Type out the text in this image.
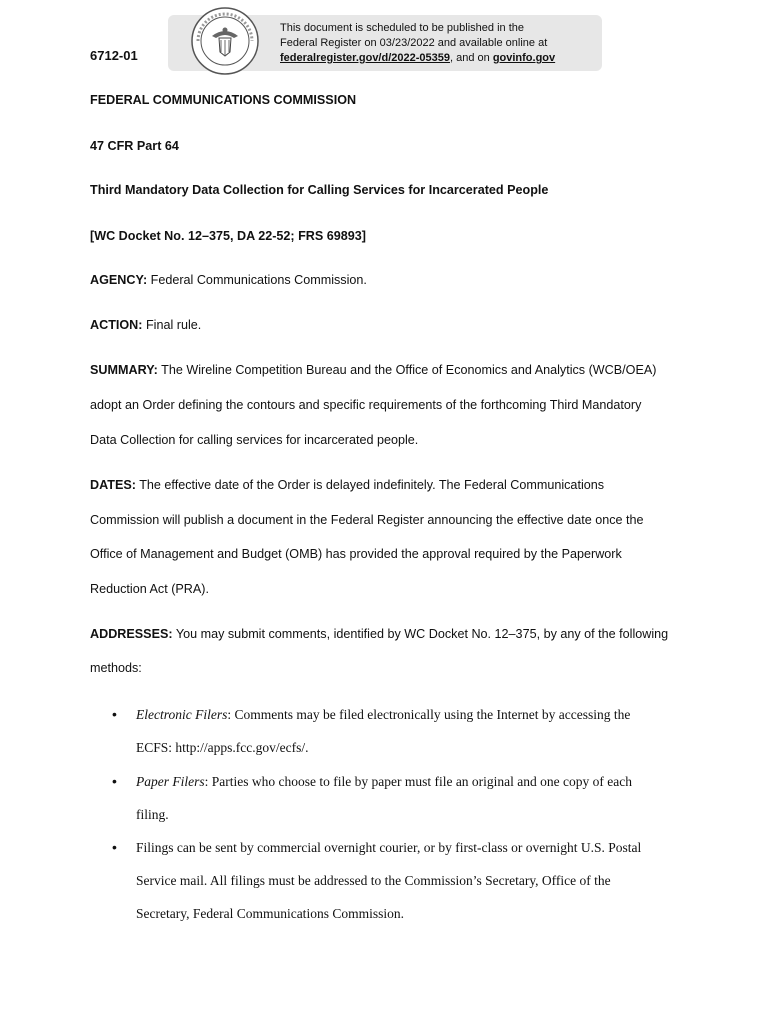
6712-01
This document is scheduled to be published in the
Federal Register on 03/23/2022 and available online at
federalregister.gov/d/2022-05359, and on govinfo.gov
FEDERAL COMMUNICATIONS COMMISSION
47 CFR Part 64
Third Mandatory Data Collection for Calling Services for Incarcerated People
[WC Docket No. 12–375, DA 22-52; FRS 69893]
AGENCY: Federal Communications Commission.
ACTION: Final rule.
SUMMARY: The Wireline Competition Bureau and the Office of Economics and Analytics (WCB/OEA)
adopt an Order defining the contours and specific requirements of the forthcoming Third Mandatory
Data Collection for calling services for incarcerated people.
DATES: The effective date of the Order is delayed indefinitely. The Federal Communications
Commission will publish a document in the Federal Register announcing the effective date once the
Office of Management and Budget (OMB) has provided the approval required by the Paperwork
Reduction Act (PRA).
ADDRESSES: You may submit comments, identified by WC Docket No. 12–375, by any of the following
methods:
• Electronic Filers: Comments may be filed electronically using the Internet by accessing the
ECFS: http://apps.fcc.gov/ecfs/.
• Paper Filers: Parties who choose to file by paper must file an original and one copy of each
filing.
• Filings can be sent by commercial overnight courier, or by first-class or overnight U.S. Postal
Service mail. All filings must be addressed to the Commission’s Secretary, Office of the
Secretary, Federal Communications Commission.
